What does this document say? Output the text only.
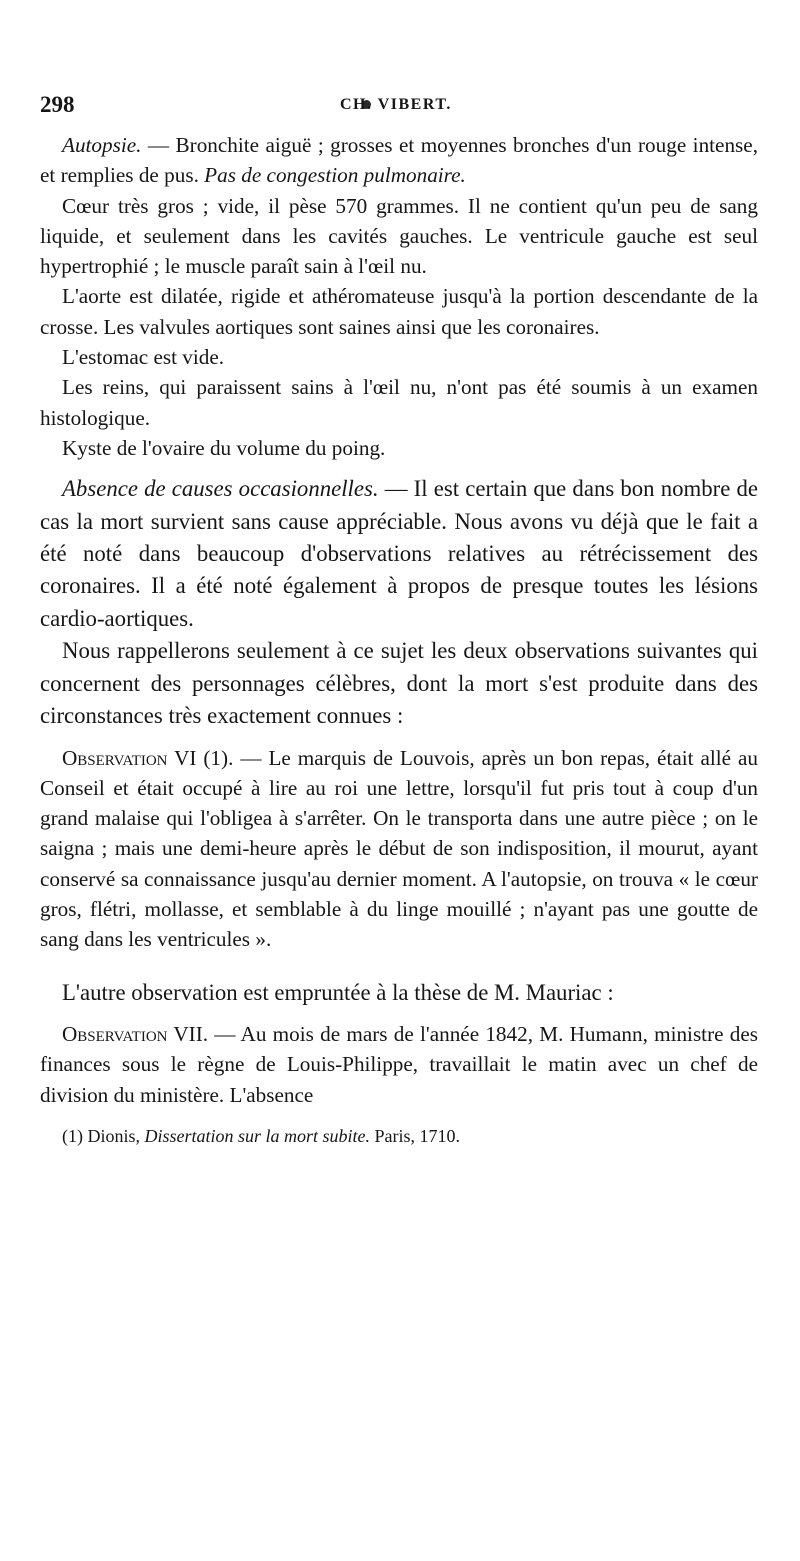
298	CH. VIBERT.

Autopsie. — Bronchite aiguë ; grosses et moyennes bronches d'un rouge intense, et remplies de pus. Pas de congestion pulmonaire.

Cœur très gros ; vide, il pèse 570 grammes. Il ne contient qu'un peu de sang liquide, et seulement dans les cavités gauches. Le ventricule gauche est seul hypertrophié ; le muscle paraît sain à l'œil nu.

L'aorte est dilatée, rigide et athéromateuse jusqu'à la portion descendante de la crosse. Les valvules aortiques sont saines ainsi que les coronaires.

L'estomac est vide.

Les reins, qui paraissent sains à l'œil nu, n'ont pas été soumis à un examen histologique.

Kyste de l'ovaire du volume du poing.

Absence de causes occasionnelles. — Il est certain que dans bon nombre de cas la mort survient sans cause appréciable. Nous avons vu déjà que le fait a été noté dans beaucoup d'observations relatives au rétrécissement des coronaires. Il a été noté également à propos de presque toutes les lésions cardio-aortiques.

Nous rappellerons seulement à ce sujet les deux observations suivantes qui concernent des personnages célèbres, dont la mort s'est produite dans des circonstances très exactement connues :

Observation VI (1). — Le marquis de Louvois, après un bon repas, était allé au Conseil et était occupé à lire au roi une lettre, lorsqu'il fut pris tout à coup d'un grand malaise qui l'obligea à s'arrêter. On le transporta dans une autre pièce ; on le saigna ; mais une demi-heure après le début de son indisposition, il mourut, ayant conservé sa connaissance jusqu'au dernier moment. A l'autopsie, on trouva « le cœur gros, flétri, mollasse, et semblable à du linge mouillé ; n'ayant pas une goutte de sang dans les ventricules ».

L'autre observation est empruntée à la thèse de M. Mauriac :

Observation VII. — Au mois de mars de l'année 1842, M. Humann, ministre des finances sous le règne de Louis-Philippe, travaillait le matin avec un chef de division du ministère. L'absence

(1) Dionis, Dissertation sur la mort subite. Paris, 1710.
